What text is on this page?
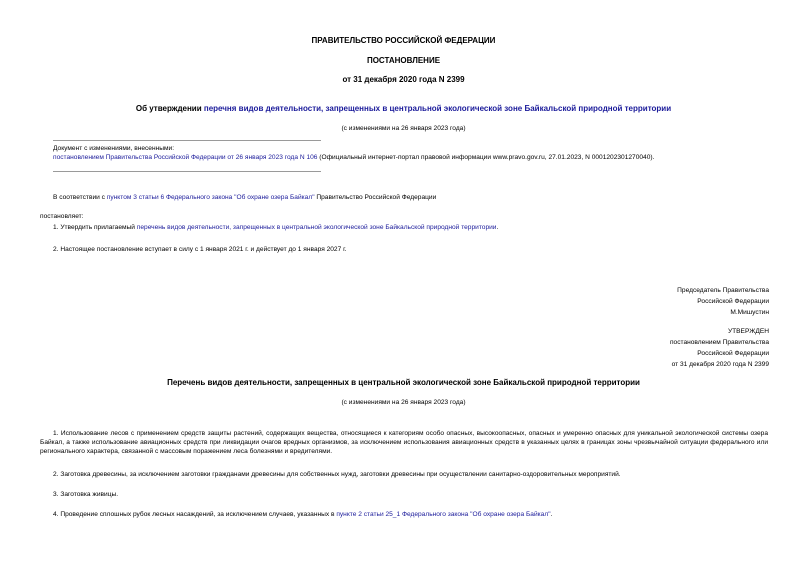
ПРАВИТЕЛЬСТВО РОССИЙСКОЙ ФЕДЕРАЦИИ
ПОСТАНОВЛЕНИЕ
от 31 декабря 2020 года N 2399
Об утверждении перечня видов деятельности, запрещенных в центральной экологической зоне Байкальской природной территории
(с изменениями на 26 января 2023 года)
Документ с изменениями, внесенными:
постановлением Правительства Российской Федерации от 26 января 2023 года N 106 (Официальный интернет-портал правовой информации www.pravo.gov.ru, 27.01.2023, N 0001202301270040).
В соответствии с пунктом 3 статьи 6 Федерального закона "Об охране озера Байкал" Правительство Российской Федерации
постановляет:
1. Утвердить прилагаемый перечень видов деятельности, запрещенных в центральной экологической зоне Байкальской природной территории.
2. Настоящее постановление вступает в силу с 1 января 2021 г. и действует до 1 января 2027 г.
Председатель Правительства
Российской Федерации
М.Мишустин
УТВЕРЖДЕН
постановлением Правительства
Российской Федерации
от 31 декабря 2020 года N 2399
Перечень видов деятельности, запрещенных в центральной экологической зоне Байкальской природной территории
(с изменениями на 26 января 2023 года)
1. Использование лесов с применением средств защиты растений, содержащих вещества, относящиеся к категориям особо опасных, высокоопасных, опасных и умеренно опасных для уникальной экологической системы озера Байкал, а также использование авиационных средств при ликвидации очагов вредных организмов, за исключением использования авиационных средств в указанных целях в границах зоны чрезвычайной ситуации федерального или регионального характера, связанной с массовым поражением леса болезнями и вредителями.
2. Заготовка древесины, за исключением заготовки гражданами древесины для собственных нужд, заготовки древесины при осуществлении санитарно-оздоровительных мероприятий.
3. Заготовка живицы.
4. Проведение сплошных рубок лесных насаждений, за исключением случаев, указанных в пункте 2 статьи 25_1 Федерального закона "Об охране озера Байкал".
